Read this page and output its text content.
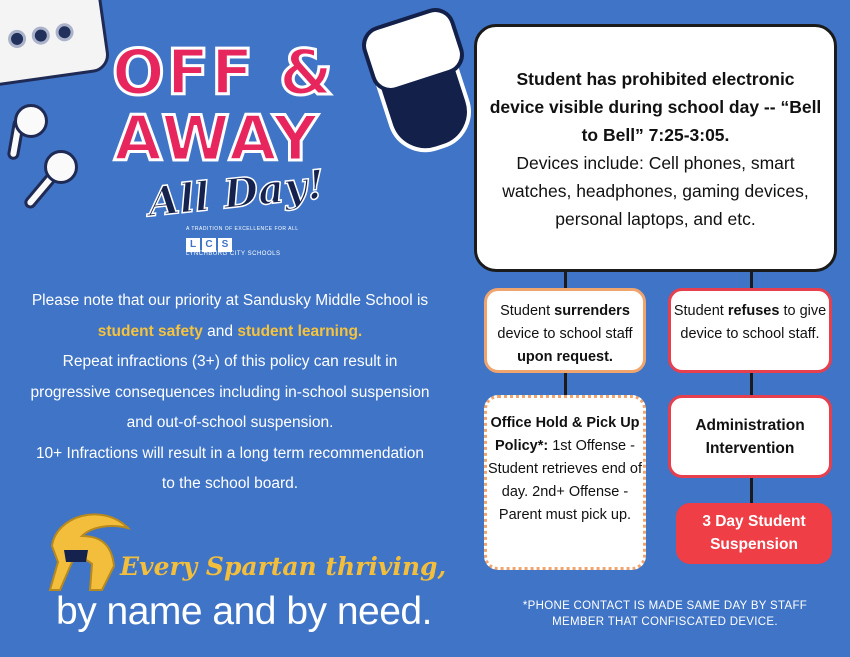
OFF &
AWAY
All Day!
A TRADITION OF EXCELLENCE FOR ALL
L C S
LYNCHBURG CITY SCHOOLS
Please note that our priority at Sandusky Middle School is student safety and student learning.
Repeat infractions (3+) of this policy can result in progressive consequences including in-school suspension and out-of-school suspension.
10+ Infractions will result in a long term recommendation to the school board.
Every Spartan thriving,
by name and by need.
Student has prohibited electronic device visible during school day -- “Bell to Bell” 7:25-3:05.
Devices include: Cell phones, smart watches, headphones, gaming devices, personal laptops, and etc.
Student surrenders device to school staff upon request.
Student refuses to give device to school staff.
Office Hold & Pick Up Policy*: 1st Offense - Student retrieves end of day. 2nd+ Offense - Parent must pick up.
Administration Intervention
3 Day Student Suspension
*PHONE CONTACT IS MADE SAME DAY BY STAFF MEMBER THAT CONFISCATED DEVICE.
